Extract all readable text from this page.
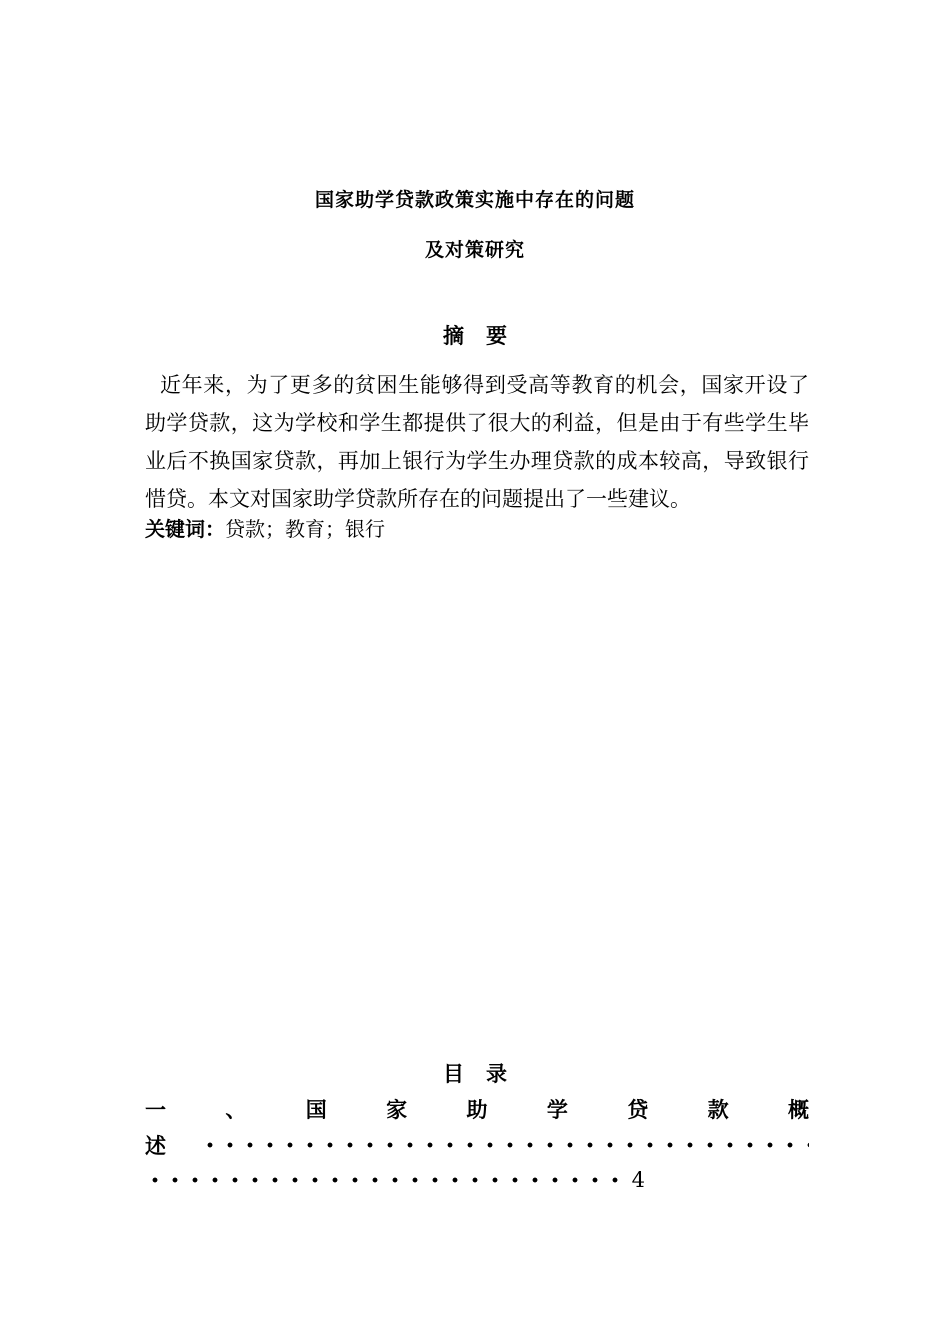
国家助学贷款政策实施中存在的问题
及对策研究
摘要
近年来，为了更多的贫困生能够得到受高等教育的机会，国家开设了助学贷款，这为学校和学生都提供了很大的利益，但是由于有些学生毕业后不换国家贷款，再加上银行为学生办理贷款的成本较高，导致银行惜贷。本文对国家助学贷款所存在的问题提出了一些建议。
关键词：贷款；教育；银行
目录
一	、	国	家	助	学	贷	款	概
述
4
